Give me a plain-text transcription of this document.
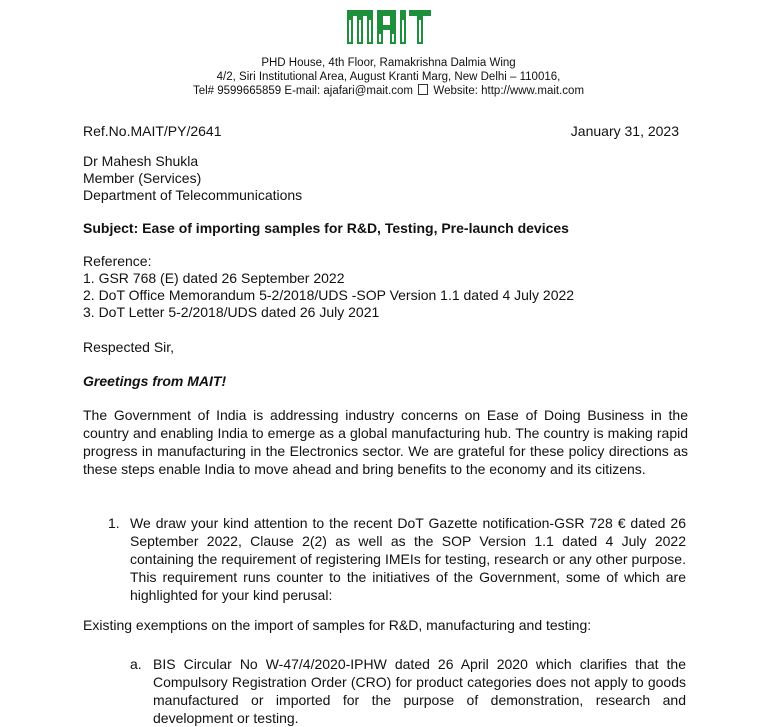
PHD House, 4th Floor, Ramakrishna Dalmia Wing
4/2, Siri Institutional Area, August Kranti Marg, New Delhi – 110016,
Tel# 9599665859 E-mail: ajafari@mait.com Website: http://www.mait.com
Ref.No.MAIT/PY/2641	January 31, 2023
Dr Mahesh Shukla
Member (Services)
Department of Telecommunications
Subject: Ease of importing samples for R&D, Testing, Pre-launch devices
Reference:
1. GSR 768 (E) dated 26 September 2022
2. DoT Office Memorandum 5-2/2018/UDS -SOP Version 1.1 dated 4 July 2022
3. DoT Letter 5-2/2018/UDS dated 26 July 2021
Respected Sir,
Greetings from MAIT!
The Government of India is addressing industry concerns on Ease of Doing Business in the country and enabling India to emerge as a global manufacturing hub. The country is making rapid progress in manufacturing in the Electronics sector. We are grateful for these policy directions as these steps enable India to move ahead and bring benefits to the economy and its citizens.
1. We draw your kind attention to the recent DoT Gazette notification-GSR 728 € dated 26 September 2022, Clause 2(2) as well as the SOP Version 1.1 dated 4 July 2022 containing the requirement of registering IMEIs for testing, research or any other purpose. This requirement runs counter to the initiatives of the Government, some of which are highlighted for your kind perusal:
Existing exemptions on the import of samples for R&D, manufacturing and testing:
a. BIS Circular No W-47/4/2020-IPHW dated 26 April 2020 which clarifies that the Compulsory Registration Order (CRO) for product categories does not apply to goods manufactured or imported for the purpose of demonstration, research and development or testing.
